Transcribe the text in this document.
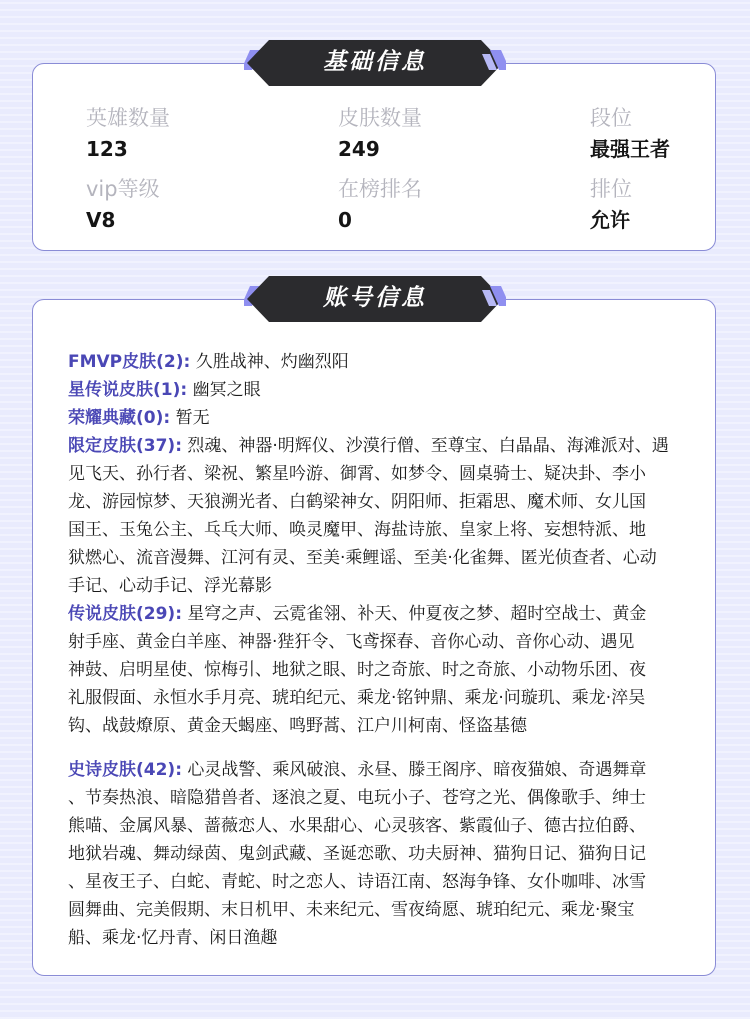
基础信息
英雄数量
123
皮肤数量
249
段位
最强王者
vip等级
V8
在榜排名
0
排位
允许
账号信息
FMVP皮肤(2): 久胜战神、灼幽烈阳
星传说皮肤(1): 幽冥之眼
荣耀典藏(0): 暂无
限定皮肤(37): 烈魂、神器·明辉仪、沙漠行僧、至尊宝、白晶晶、海滩派对、遇
见飞天、孙行者、梁祝、繁星吟游、御霄、如梦令、圆桌骑士、疑决卦、李小
龙、游园惊梦、天狼溯光者、白鹤梁神女、阴阳师、拒霜思、魔术师、女儿国
国王、玉兔公主、乓乓大师、唤灵魔甲、海盐诗旅、皇家上将、妄想特派、地
狱燃心、流音漫舞、江河有灵、至美·乘鲤谣、至美·化雀舞、匿光侦查者、心动
手记、心动手记、浮光幕影
传说皮肤(29): 星穹之声、云霓雀翎、补天、仲夏夜之梦、超时空战士、黄金
射手座、黄金白羊座、神器·狴犴令、飞鸢探春、音你心动、音你心动、遇见
神鼓、启明星使、惊梅引、地狱之眼、时之奇旅、时之奇旅、小动物乐团、夜
礼服假面、永恒水手月亮、琥珀纪元、乘龙·铭钟鼎、乘龙·问璇玑、乘龙·淬吴
钩、战鼓燎原、黄金天蝎座、鸣野蒿、江户川柯南、怪盗基德
史诗皮肤(42): 心灵战警、乘风破浪、永昼、滕王阁序、暗夜猫娘、奇遇舞章
、节奏热浪、暗隐猎兽者、逐浪之夏、电玩小子、苍穹之光、偶像歌手、绅士
熊喵、金属风暴、蔷薇恋人、水果甜心、心灵骇客、紫霞仙子、德古拉伯爵、
地狱岩魂、舞动绿茵、鬼剑武藏、圣诞恋歌、功夫厨神、猫狗日记、猫狗日记
、星夜王子、白蛇、青蛇、时之恋人、诗语江南、怒海争锋、女仆咖啡、冰雪
圆舞曲、完美假期、末日机甲、未来纪元、雪夜绮愿、琥珀纪元、乘龙·聚宝
船、乘龙·忆丹青、闲日渔趣
